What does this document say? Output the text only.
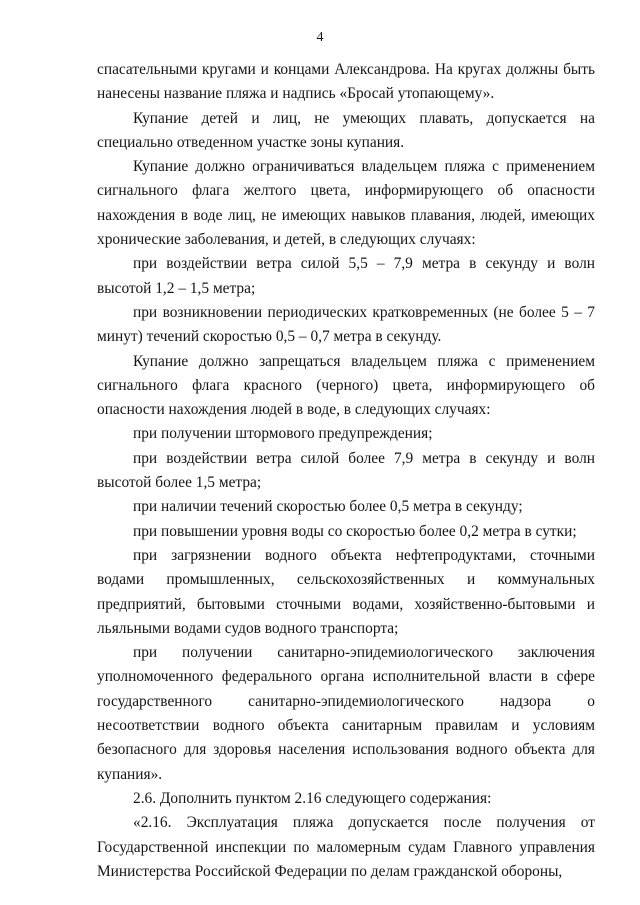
4

спасательными кругами и концами Александрова. На кругах должны быть нанесены название пляжа и надпись «Бросай утопающему».

Купание детей и лиц, не умеющих плавать, допускается на специально отведенном участке зоны купания.

Купание должно ограничиваться владельцем пляжа с применением сигнального флага желтого цвета, информирующего об опасности нахождения в воде лиц, не имеющих навыков плавания, людей, имеющих хронические заболевания, и детей, в следующих случаях:

при воздействии ветра силой 5,5 – 7,9 метра в секунду и волн высотой 1,2 – 1,5 метра;

при возникновении периодических кратковременных (не более 5 – 7 минут) течений скоростью 0,5 – 0,7 метра в секунду.

Купание должно запрещаться владельцем пляжа с применением сигнального флага красного (черного) цвета, информирующего об опасности нахождения людей в воде, в следующих случаях:

при получении штормового предупреждения;

при воздействии ветра силой более 7,9 метра в секунду и волн высотой более 1,5 метра;

при наличии течений скоростью более 0,5 метра в секунду;

при повышении уровня воды со скоростью более 0,2 метра в сутки;

при загрязнении водного объекта нефтепродуктами, сточными водами промышленных, сельскохозяйственных и коммунальных предприятий, бытовыми сточными водами, хозяйственно-бытовыми и льяльными водами судов водного транспорта;

при получении санитарно-эпидемиологического заключения уполномоченного федерального органа исполнительной власти в сфере государственного санитарно-эпидемиологического надзора о несоответствии водного объекта санитарным правилам и условиям безопасного для здоровья населения использования водного объекта для купания».

2.6. Дополнить пунктом 2.16 следующего содержания:

«2.16. Эксплуатация пляжа допускается после получения от Государственной инспекции по маломерным судам Главного управления Министерства Российской Федерации по делам гражданской обороны,
